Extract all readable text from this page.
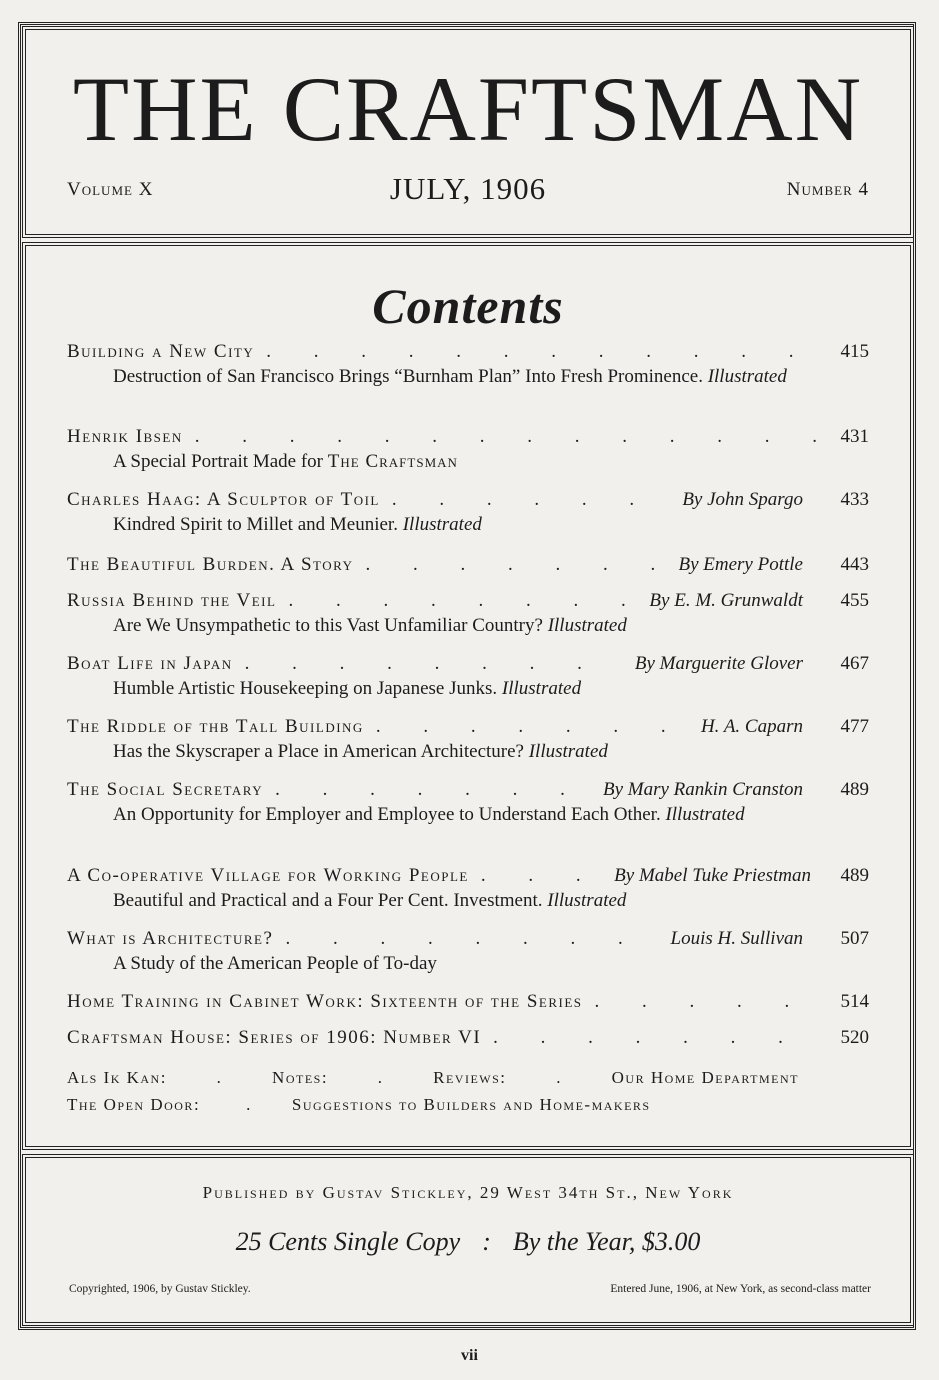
THE CRAFTSMAN
Volume X	JULY, 1906	Number 4
Contents
Building a New City . . .	415
Destruction of San Francisco Brings “Burnham Plan” Into Fresh Prominence. Illustrated
Henrik Ibsen . . .	431
A Special Portrait Made for The Craftsman
Charles Haag: A Sculptor of Toil . . .	By John Spargo	433
Kindred Spirit to Millet and Meunier. Illustrated
The Beautiful Burden. A Story . . .	By Emery Pottle	443
Russia Behind the Veil . . .	By E. M. Grunwaldt	455
Are We Unsympathetic to this Vast Unfamiliar Country? Illustrated
Boat Life in Japan . . .	By Marguerite Glover	467
Humble Artistic Housekeeping on Japanese Junks. Illustrated
The Riddle of thb Tall Building . . .	H. A. Caparn	477
Has the Skyscraper a Place in American Architecture? Illustrated
The Social Secretary . . .	By Mary Rankin Cranston	489
An Opportunity for Employer and Employee to Understand Each Other. Illustrated
A Co-operative Village for Working People . . .	By Mabel Tuke Priestman	489
Beautiful and Practical and a Four Per Cent. Investment. Illustrated
What is Architecture? . . .	Louis H. Sullivan	507
A Study of the American People of To-day
Home Training in Cabinet Work: Sixteenth of the Series . . .	514
Craftsman House: Series of 1906: Number VI . . .	520
Als Ik Kan:	.	Notes:	.	Reviews:	.	Our Home Department
The Open Door:	. Suggestions to Builders and Home-makers
Published by Gustav Stickley, 29 West 34th St., New York
25 Cents Single Copy : By the Year, $3.00
Copyrighted, 1906, by Gustav Stickley.	Entered June, 1906, at New York, as second-class matter
vii
